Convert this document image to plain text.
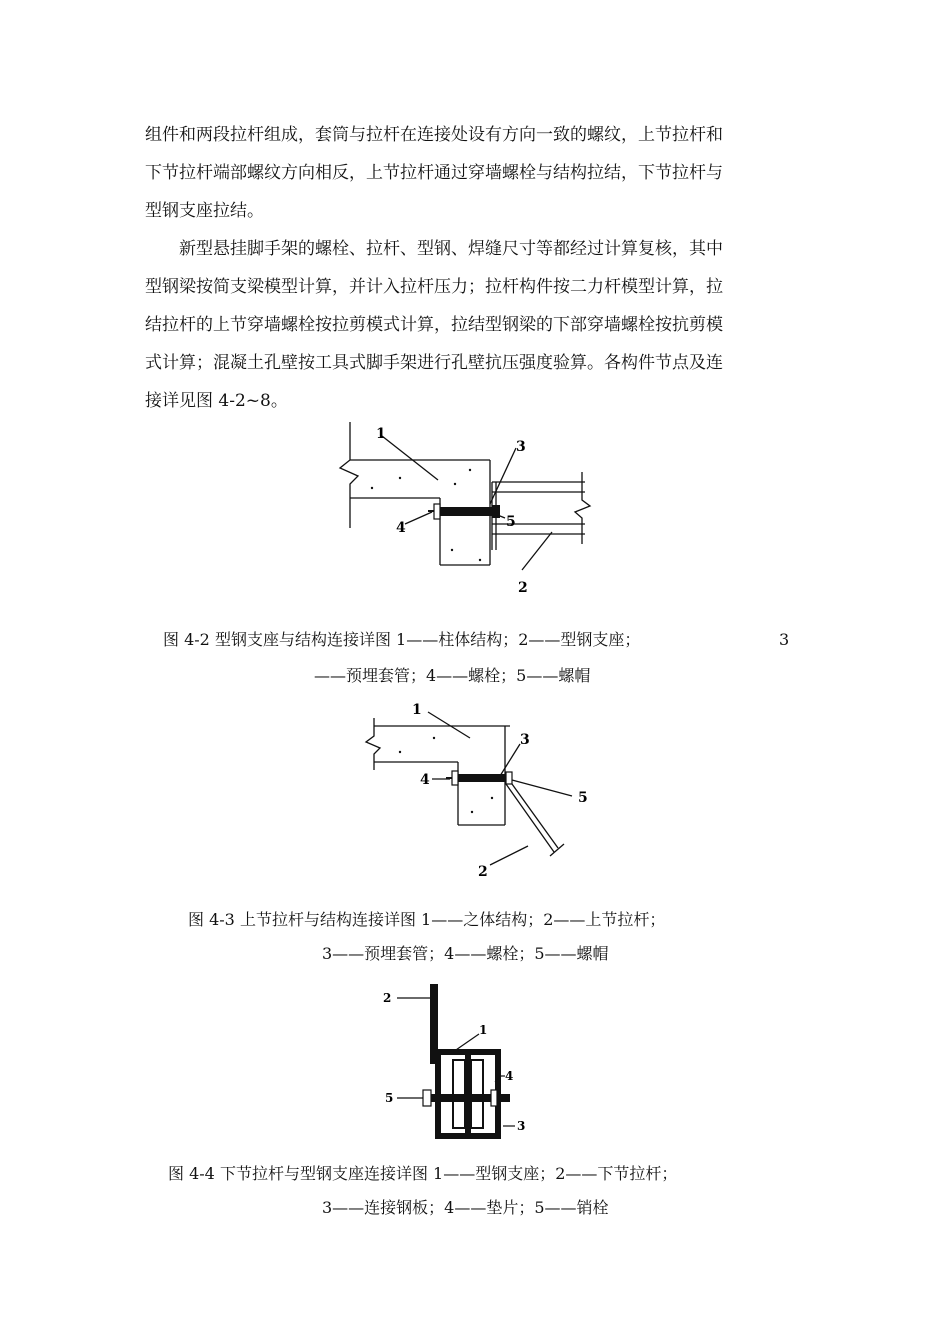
组件和两段拉杆组成，套筒与拉杆在连接处设有方向一致的螺纹，上节拉杆和
下节拉杆端部螺纹方向相反，上节拉杆通过穿墙螺栓与结构拉结，下节拉杆与
型钢支座拉结。
新型悬挂脚手架的螺栓、拉杆、型钢、焊缝尺寸等都经过计算复核，其中
型钢梁按简支梁模型计算，并计入拉杆压力；拉杆构件按二力杆模型计算，拉
结拉杆的上节穿墙螺栓按拉剪模式计算，拉结型钢梁的下部穿墙螺栓按抗剪模
式计算；混凝土孔壁按工具式脚手架进行孔壁抗压强度验算。各构件节点及连
接详见图 4-2~8。
1
2
3
4	5
图 4-2 型钢支座与结构连接详图 1——柱体结构；2——型钢支座；	3
——预埋套管；4——螺栓；5——螺帽
1
2
3
4
5
图 4-3 上节拉杆与结构连接详图 1——之体结构；2——上节拉杆；
3——预埋套管；4——螺栓；5——螺帽
2
1
4
5
3
图 4-4 下节拉杆与型钢支座连接详图 1——型钢支座；2——下节拉杆；
3——连接钢板；4——垫片；5——销栓
